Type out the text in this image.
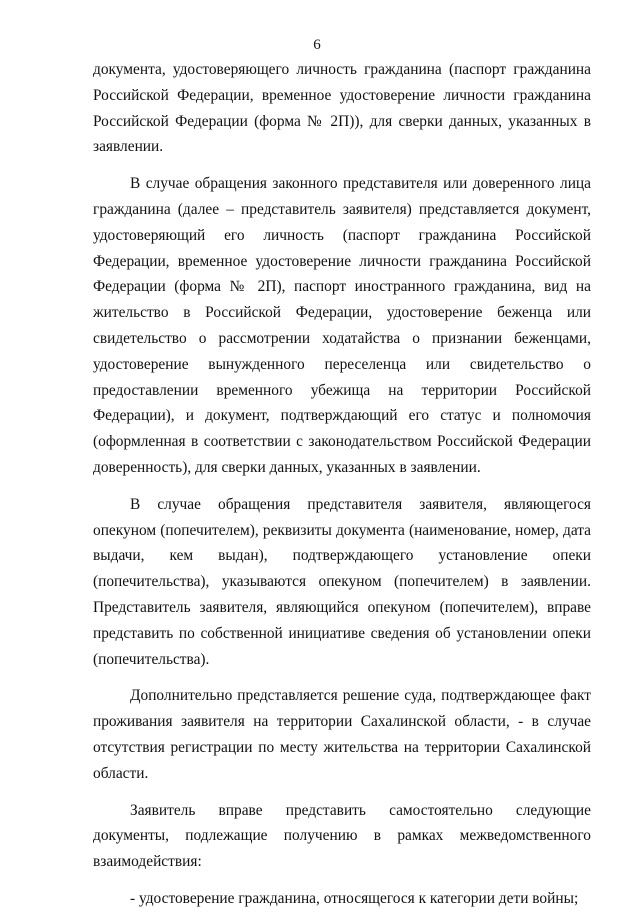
6

документа, удостоверяющего личность гражданина (паспорт гражданина Российской Федерации, временное удостоверение личности гражданина Российской Федерации (форма № 2П)), для сверки данных, указанных в заявлении.

В случае обращения законного представителя или доверенного лица гражданина (далее – представитель заявителя) представляется документ, удостоверяющий его личность (паспорт гражданина Российской Федерации, временное удостоверение личности гражданина Российской Федерации (форма № 2П), паспорт иностранного гражданина, вид на жительство в Российской Федерации, удостоверение беженца или свидетельство о рассмотрении ходатайства о признании беженцами, удостоверение вынужденного переселенца или свидетельство о предоставлении временного убежища на территории Российской Федерации), и документ, подтверждающий его статус и полномочия (оформленная в соответствии с законодательством Российской Федерации доверенность), для сверки данных, указанных в заявлении.

В случае обращения представителя заявителя, являющегося опекуном (попечителем), реквизиты документа (наименование, номер, дата выдачи, кем выдан), подтверждающего установление опеки (попечительства), указываются опекуном (попечителем) в заявлении. Представитель заявителя, являющийся опекуном (попечителем), вправе представить по собственной инициативе сведения об установлении опеки (попечительства).

Дополнительно представляется решение суда, подтверждающее факт проживания заявителя на территории Сахалинской области, - в случае отсутствия регистрации по месту жительства на территории Сахалинской области.

Заявитель вправе представить самостоятельно следующие документы, подлежащие получению в рамках межведомственного взаимодействия:

- удостоверение гражданина, относящегося к категории дети войны;
